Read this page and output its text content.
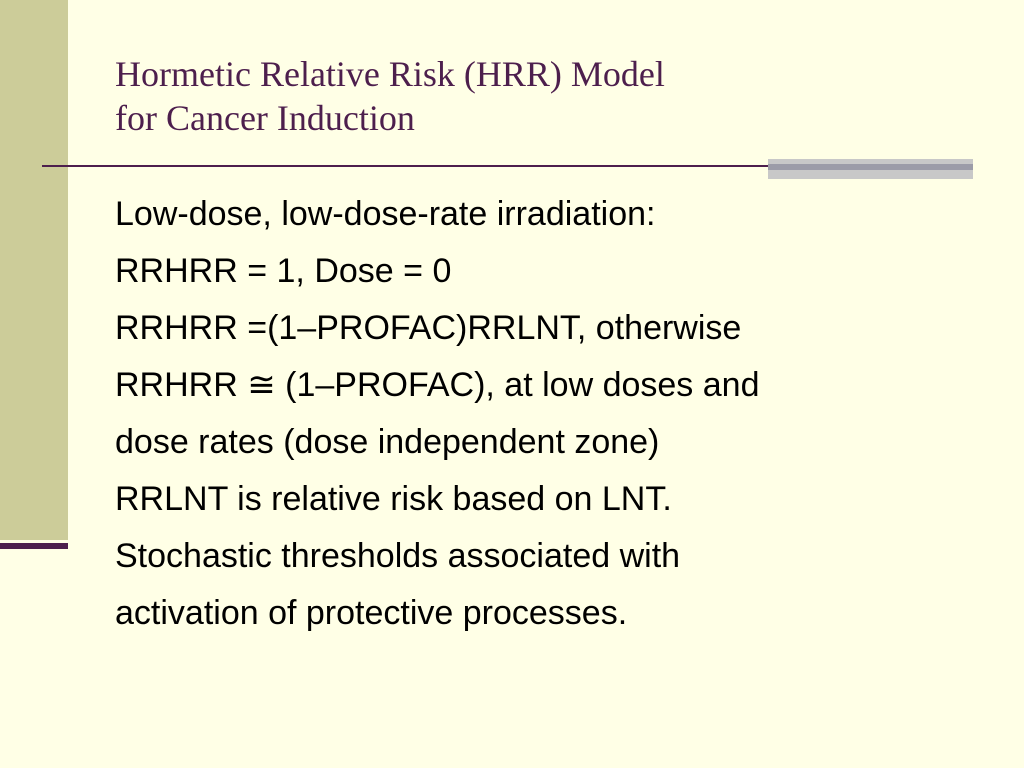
Hormetic Relative Risk (HRR) Model
for Cancer Induction
Low-dose, low-dose-rate irradiation:
RRHRR = 1, Dose = 0
RRHRR =(1–PROFAC)RRLNT, otherwise
RRHRR ≅ (1–PROFAC), at low doses and
dose rates (dose independent zone)
RRLNT is relative risk based on LNT.
Stochastic thresholds associated with
activation of protective processes.
